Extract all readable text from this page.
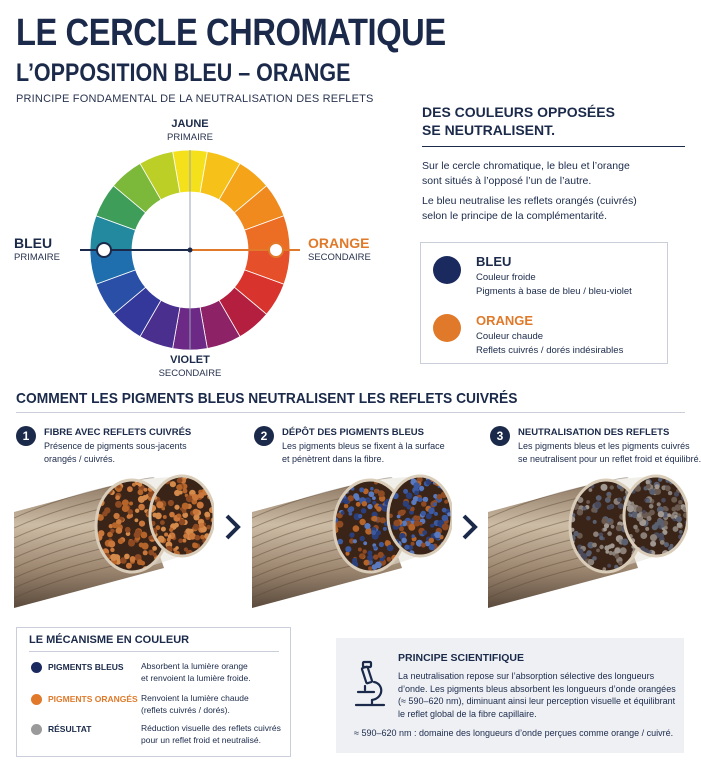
LE CERCLE CHROMATIQUE
L’OPPOSITION BLEU – ORANGE
PRINCIPE FONDAMENTAL DE LA NEUTRALISATION DES REFLETS
JAUNE
PRIMAIRE
BLEU
PRIMAIRE
ORANGE
SECONDAIRE
VIOLET
SECONDAIRE
DES COULEURS OPPOSÉES
SE NEUTRALISENT.
Sur le cercle chromatique, le bleu et l’orange
sont situés à l’opposé l’un de l’autre.
Le bleu neutralise les reflets orangés (cuivrés)
selon le principe de la complémentarité.
BLEU
Couleur froide
Pigments à base de bleu / bleu-violet
ORANGE
Couleur chaude
Reflets cuivrés / dorés indésirables
COMMENT LES PIGMENTS BLEUS NEUTRALISENT LES REFLETS CUIVRÉS
1	FIBRE AVEC REFLETS CUIVRÉS
Présence de pigments sous-jacents
orangés / cuivrés.
2	DÉPÔT DES PIGMENTS BLEUS
Les pigments bleus se fixent à la surface
et pénètrent dans la fibre.
3	NEUTRALISATION DES REFLETS
Les pigments bleus et les pigments cuivrés
se neutralisent pour un reflet froid et équilibré.
LE MÉCANISME EN COULEUR
PIGMENTS BLEUS Absorbent la lumière orange
et renvoient la lumière froide.
PIGMENTS ORANGÉS Renvoient la lumière chaude
(reflets cuivrés / dorés).
RÉSULTAT	Réduction visuelle des reflets cuivrés
pour un reflet froid et neutralisé.
PRINCIPE SCIENTIFIQUE
La neutralisation repose sur l’absorption sélective des longueurs d’onde. Les pigments bleus absorbent les longueurs d’onde orangées (≈ 590–620 nm), diminuant ainsi leur perception visuelle et équilibrant le reflet global de la fibre capillaire.
≈ 590–620 nm : domaine des longueurs d’onde perçues comme orange / cuivré.
